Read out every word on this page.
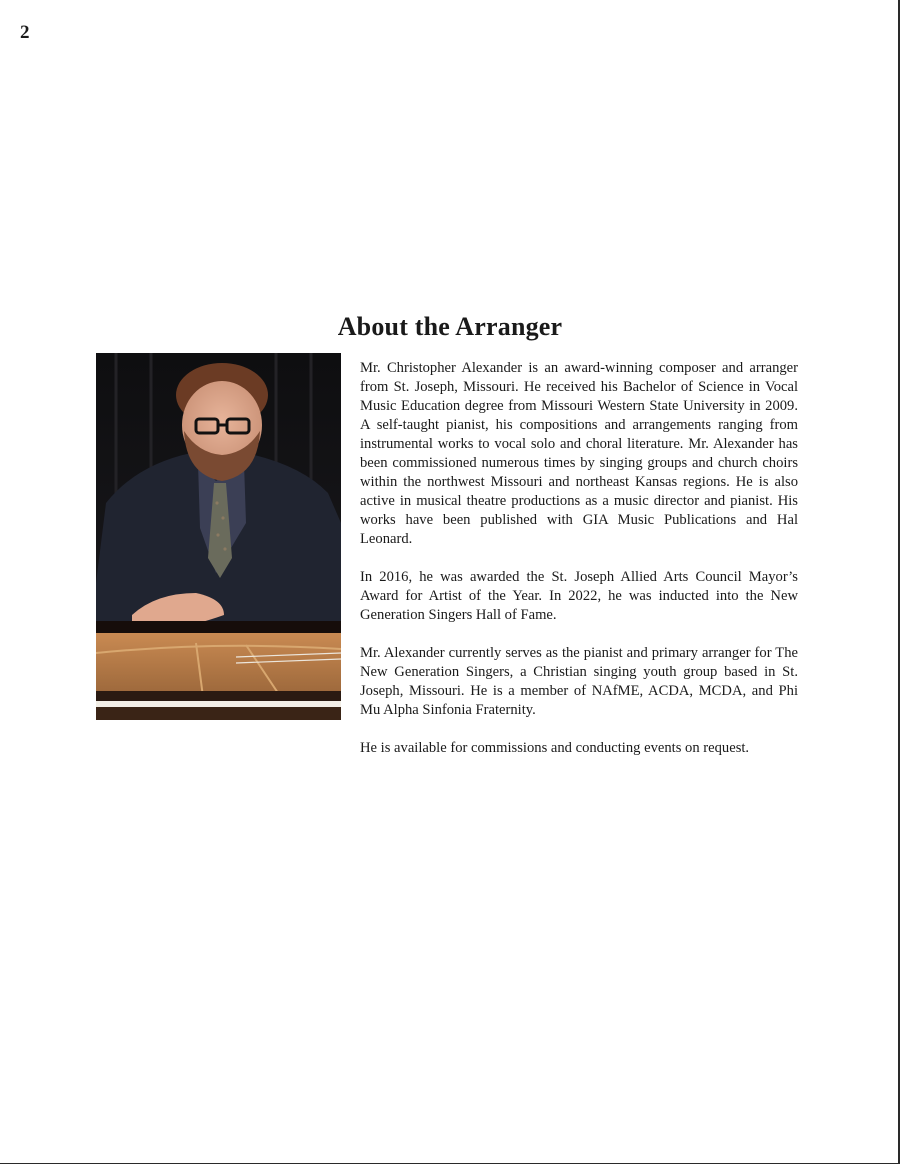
2
About the Arranger

Mr. Christopher Alexander is an award-winning composer and arranger from St. Joseph, Missouri. He received his Bachelor of Science in Vocal Music Education degree from Missouri Western State University in 2009. A self-taught pianist, his compositions and arrangements ranging from instrumental works to vocal solo and choral literature. Mr. Alexander has been commissioned numerous times by singing groups and church choirs within the northwest Missouri and northeast Kansas regions. He is also active in musical theatre productions as a music director and pianist. His works have been published with GIA Music Publications and Hal Leonard.

In 2016, he was awarded the St. Joseph Allied Arts Council Mayor’s Award for Artist of the Year. In 2022, he was inducted into the New Generation Singers Hall of Fame.

Mr. Alexander currently serves as the pianist and primary arranger for The New Generation Singers, a Christian singing youth group based in St. Joseph, Missouri. He is a member of NAfME, ACDA, MCDA, and Phi Mu Alpha Sinfonia Fraternity.

He is available for commissions and conducting events on request.
